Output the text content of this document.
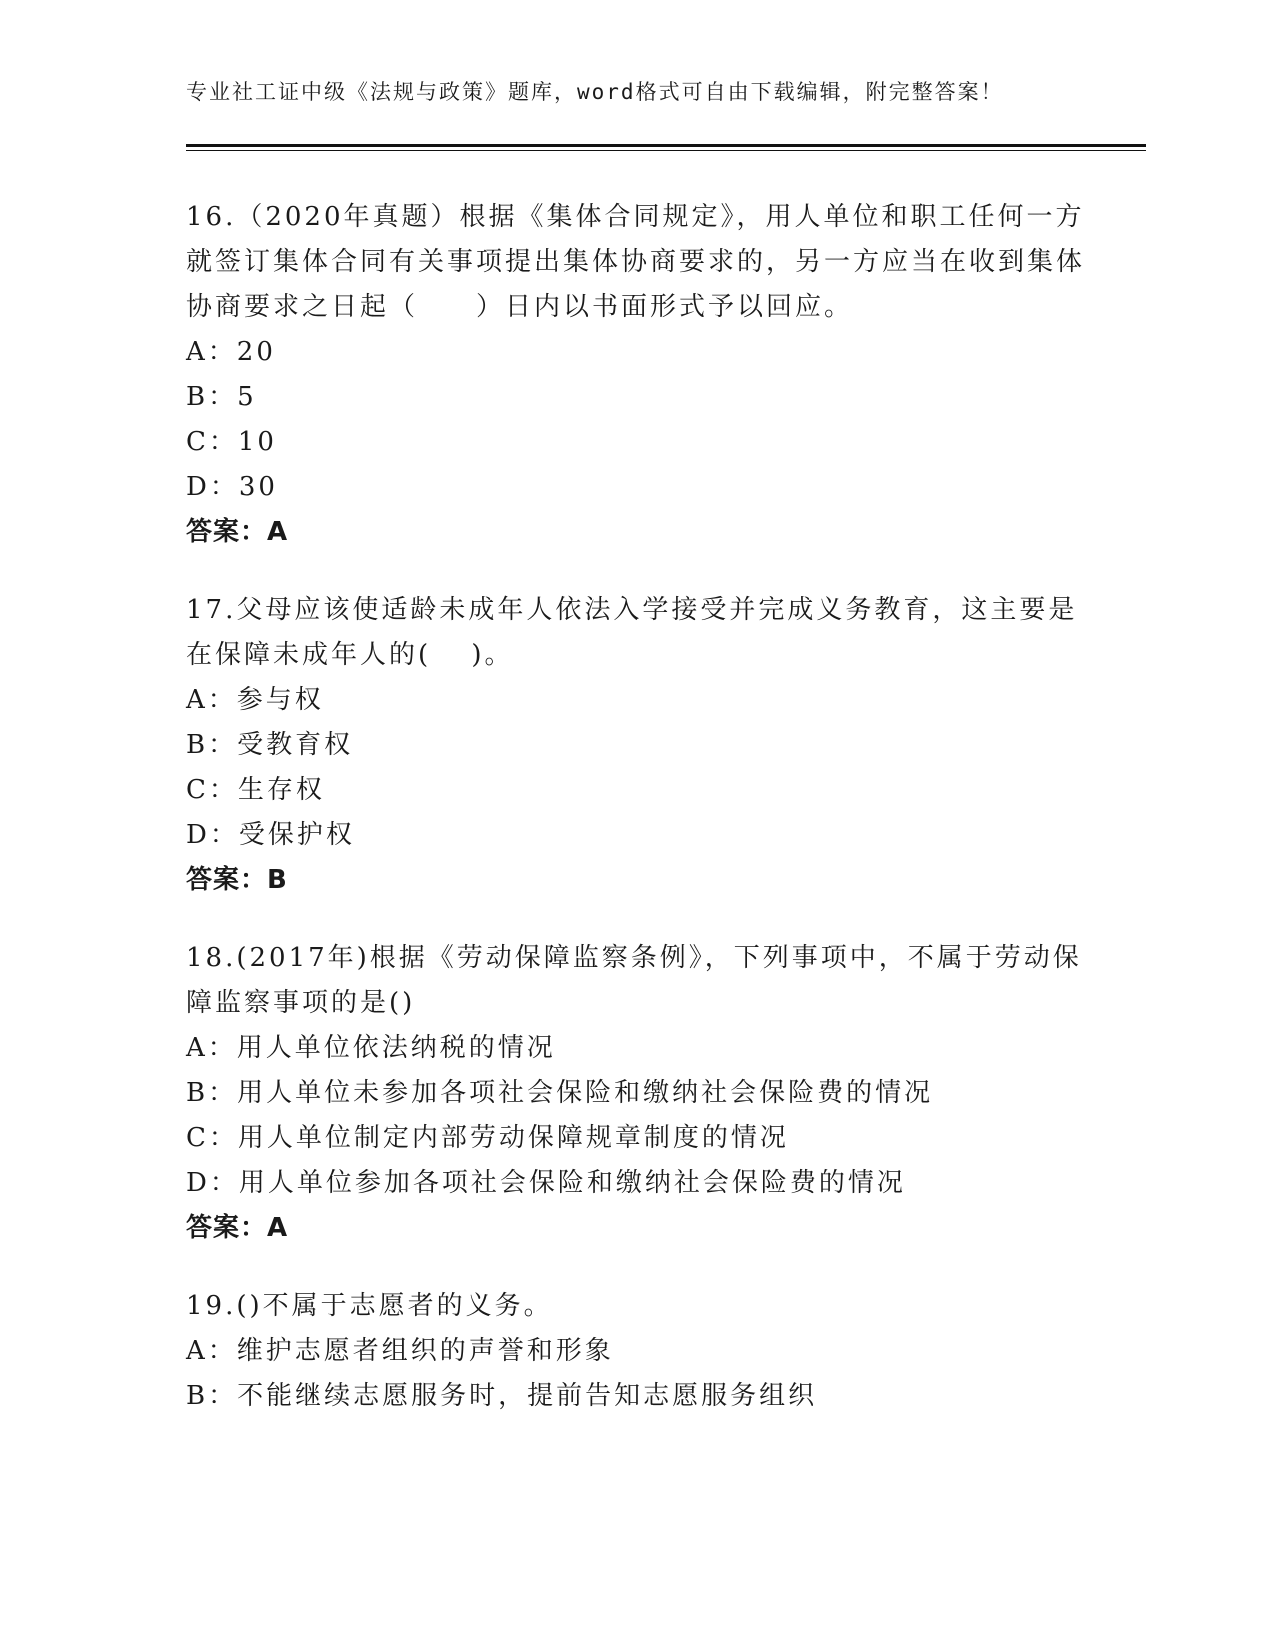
专业社工证中级《法规与政策》题库，word格式可自由下载编辑，附完整答案！

16.（2020年真题）根据《集体合同规定》，用人单位和职工任何一方就签订集体合同有关事项提出集体协商要求的，另一方应当在收到集体协商要求之日起（　　）日内以书面形式予以回应。

A：20

B：5

C：10

D：30

答案：A

17.父母应该使适龄未成年人依法入学接受并完成义务教育，这主要是在保障未成年人的(　 )。

A：参与权

B：受教育权

C：生存权

D：受保护权

答案：B

18.(2017年)根据《劳动保障监察条例》，下列事项中，不属于劳动保障监察事项的是()

A：用人单位依法纳税的情况

B：用人单位未参加各项社会保险和缴纳社会保险费的情况

C：用人单位制定内部劳动保障规章制度的情况

D：用人单位参加各项社会保险和缴纳社会保险费的情况

答案：A

19.()不属于志愿者的义务。

A：维护志愿者组织的声誉和形象

B：不能继续志愿服务时，提前告知志愿服务组织
